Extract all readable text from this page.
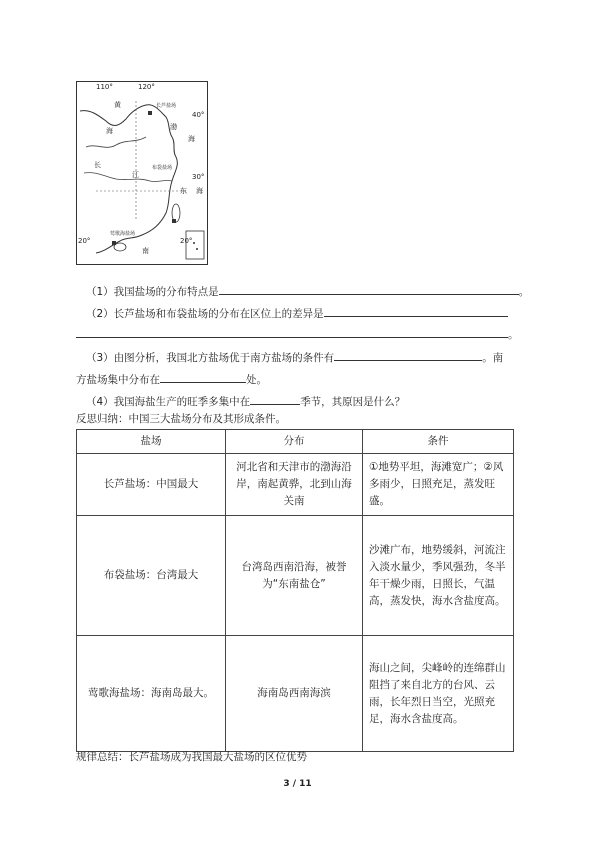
110°	120°
40°
30°
20°	20°
黄	长芦盐场
渤
海
布袋盐场
东 海
长
江
海
莺歌海盐场
南
（1）我国盐场的分布特点是	。
（2）长芦盐场和布袋盐场的分布在区位上的差异是
。
（3）由图分析，我国北方盐场优于南方盐场的条件有	。南
方盐场集中分布在	处。
（4）我国海盐生产的旺季多集中在	季节，其原因是什么？
反思归纳：中国三大盐场分布及其形成条件。
盐场	分布	条件
长芦盐场：中国最大	河北省和天津市的渤海沿岸，南起黄骅，北到山海关南	①地势平坦，海滩宽广；②风多雨少，日照充足，蒸发旺盛。
布袋盐场：台湾最大	台湾岛西南沿海，被誉为“东南盐仓”	沙滩广布，地势缓斜，河流注入淡水量少，季风强劲，冬半年干燥少雨，日照长，气温高，蒸发快，海水含盐度高。
莺歌海盐场：海南岛最大。	海南岛西南海滨	海山之间，尖峰岭的连绵群山阻挡了来自北方的台风、云雨，长年烈日当空，光照充足，海水含盐度高。
规律总结：长芦盐场成为我国最大盐场的区位优势
3 / 11
